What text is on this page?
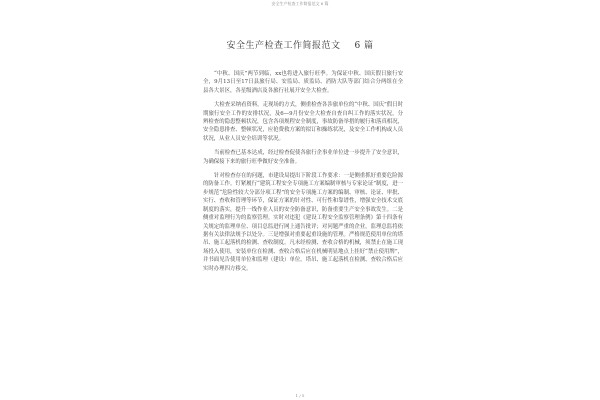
安全生产检查工作简报范文 6 篇
安全生产检查工作简报范文 6 篇

“中秋、国庆”两节到临，xx也将进入旅行旺季。为保证中秋、国庆假日旅行安全，9月13日至17日县旅行局、安监局、质监局、消防大队等部门结合分两组在全县各大景区，各星级酒店及各旅行社展开安全大检查。

大检查采纳看资料，走现场的方式，侧重检查各涉旅单位的“中秋、国庆”假日时期旅行安全工作的安排状况，及6—9月份安全大检查自查自纠工作的落实状况，分辨检查的隐患整顿状况，包含各项规程安全制度，事故防备举措的履行和落真相况，安全隐患排查、整顿状况，应抢费救方案的拟订和操练状况，及安全工作机构或人员状况，从业人员安全培训等状况。

当前检查已基本达成，经过检查促使各旅行企事业单位进一步提升了安全意识，为确保接下来的旅行旺季做好安全准备。

针对检查存在的问题，市建设局提出下阶段工作要求：一是侧重抓好重要危险源的防备工作。钉紧履行“建筑工程安全专项施工方案编制审核与专家论证”制度，进一步规范“危险性较大分部分项工程”的安全专项施工方案的编制、审核、论证、审批、实行、查收和管理等环节，保证方案的针对性、可行性和靠谱性，增强安全技术交底制度的落实，提升一线作业人员的安全防备意识，防备重要生产安全事故发生。二是侧重对监理行为的监察管理。实时对违犯《建设工程安全监察管理条例》第十四条有关规定的监理单位、项目总监进行网上通告批评；对问题严重的企业，监理总监将依据有关法律法规予以处分。三是增强对重要起重设施的管理。严格规范使用单位的塔吊、施工起落机的检测、查收制度。凡未经检测、查收合格的机械，须禁止在施工现场投入使用，安装单位在检测、查收合格后应在机械明显地点上挂好“禁止使用牌”，并书面见告使用单位和监理（建设）单位。塔吊、施工起落机在检测、查收合格后应实时办理四方移交。

1 / 5
